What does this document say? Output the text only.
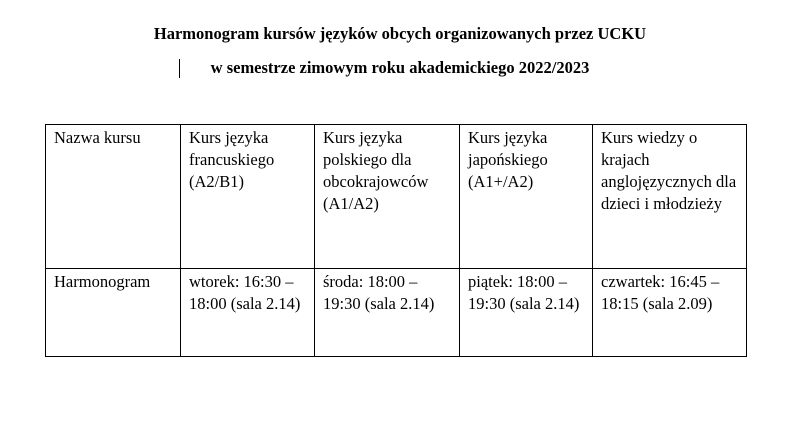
Harmonogram kursów języków obcych organizowanych przez UCKU
w semestrze zimowym roku akademickiego 2022/2023
Nazwa kursu	Kurs języka francuskiego (A2/B1)	Kurs języka polskiego dla obcokrajowców (A1/A2)	Kurs języka japońskiego (A1+/A2)	Kurs wiedzy o krajach anglojęzycznych dla dzieci i młodzieży
Harmonogram	wtorek: 16:30 – 18:00 (sala 2.14)	środa: 18:00 – 19:30 (sala 2.14)	piątek: 18:00 – 19:30 (sala 2.14)	czwartek: 16:45 – 18:15 (sala 2.09)
